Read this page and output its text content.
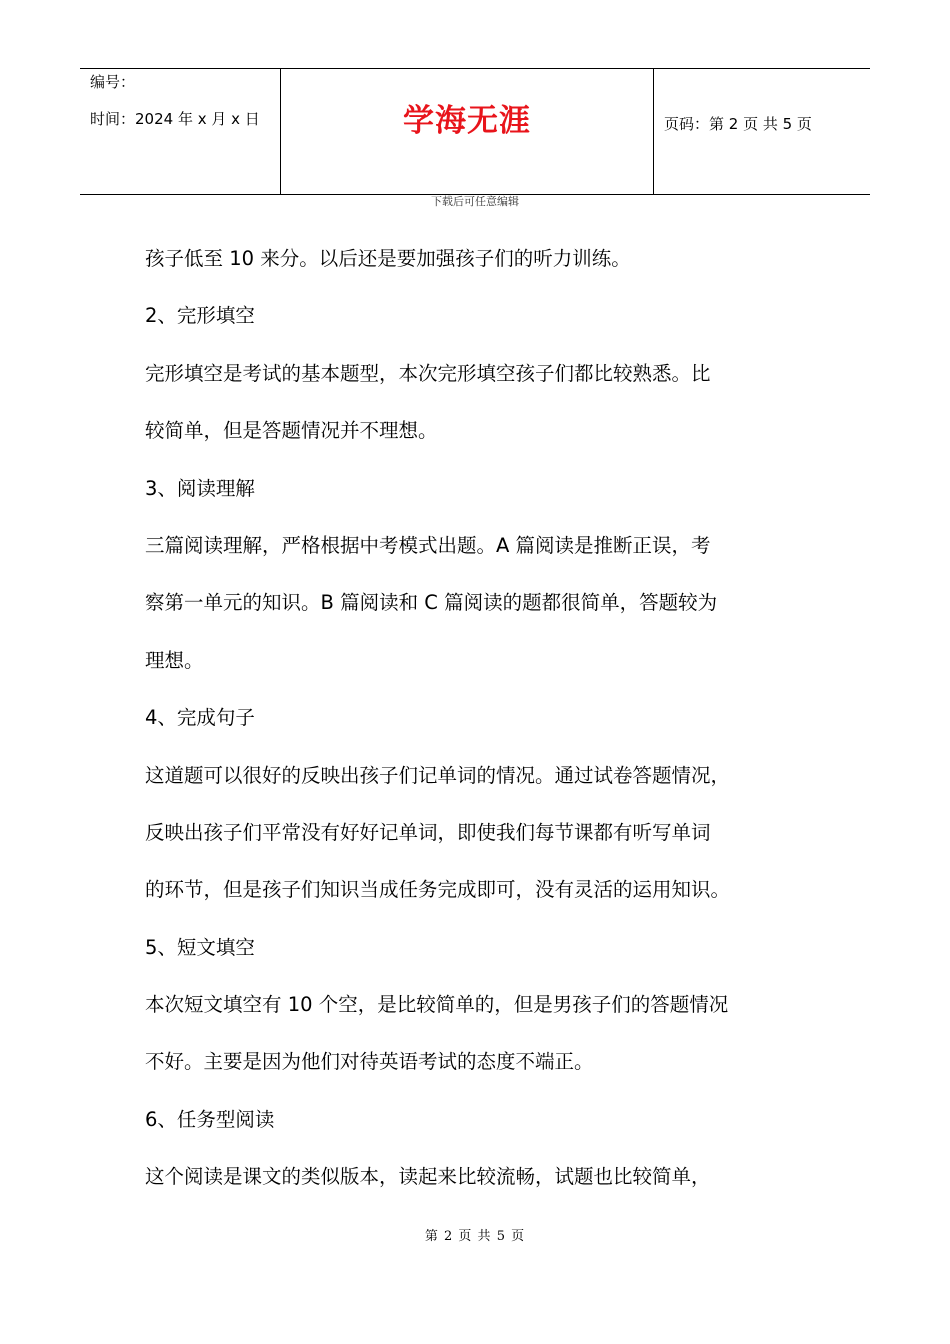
编号：
时间：2024 年 x 月 x 日	学海无涯	页码：第 2 页 共 5 页
下载后可任意编辑
孩子低至 10 来分。以后还是要加强孩子们的听力训练。
2、完形填空
完形填空是考试的基本题型，本次完形填空孩子们都比较熟悉。比
较简单，但是答题情况并不理想。
3、阅读理解
三篇阅读理解，严格根据中考模式出题。A 篇阅读是推断正误，考
察第一单元的知识。B 篇阅读和 C 篇阅读的题都很简单，答题较为
理想。
4、完成句子
这道题可以很好的反映出孩子们记单词的情况。通过试卷答题情况，
反映出孩子们平常没有好好记单词，即使我们每节课都有听写单词
的环节，但是孩子们知识当成任务完成即可，没有灵活的运用知识。
5、短文填空
本次短文填空有 10 个空，是比较简单的，但是男孩子们的答题情况
不好。主要是因为他们对待英语考试的态度不端正。
6、任务型阅读
这个阅读是课文的类似版本，读起来比较流畅，试题也比较简单，
第 2 页 共 5 页
